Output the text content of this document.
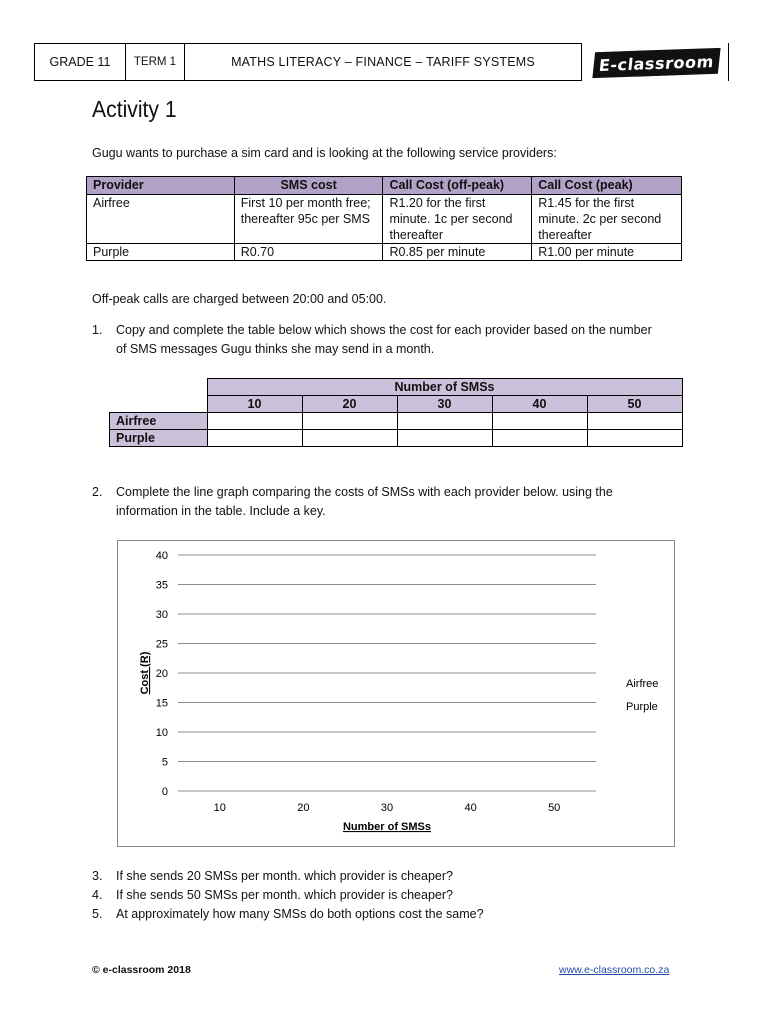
GRADE 11	TERM 1	MATHS LITERACY – FINANCE – TARIFF SYSTEMS	E-classroom
Activity 1
Gugu wants to purchase a sim card and is looking at the following service providers:
Provider	SMS cost	Call Cost (off-peak)	Call Cost (peak)
Airfree	First 10 per month free; thereafter 95c per SMS	R1.20 for the first minute. 1c per second thereafter	R1.45 for the first minute. 2c per second thereafter
Purple	R0.70	R0.85 per minute	R1.00 per minute
Off-peak calls are charged between 20:00 and 05:00.
1. Copy and complete the table below which shows the cost for each provider based on the number of SMS messages Gugu thinks she may send in a month.
	Number of SMSs				
	10	20	30	40	50
Airfree					
Purple					
2. Complete the line graph comparing the costs of SMSs with each provider below. using the information in the table. Include a key.
0
5
10
15
20
25
30
35
40
10	20	30	40	50
Number of SMSs
Cost (R)	Airfree
Purple
3. If she sends 20 SMSs per month. which provider is cheaper?
4. If she sends 50 SMSs per month. which provider is cheaper?
5. At approximately how many SMSs do both options cost the same?
© e-classroom 2018	www.e-classroom.co.za
